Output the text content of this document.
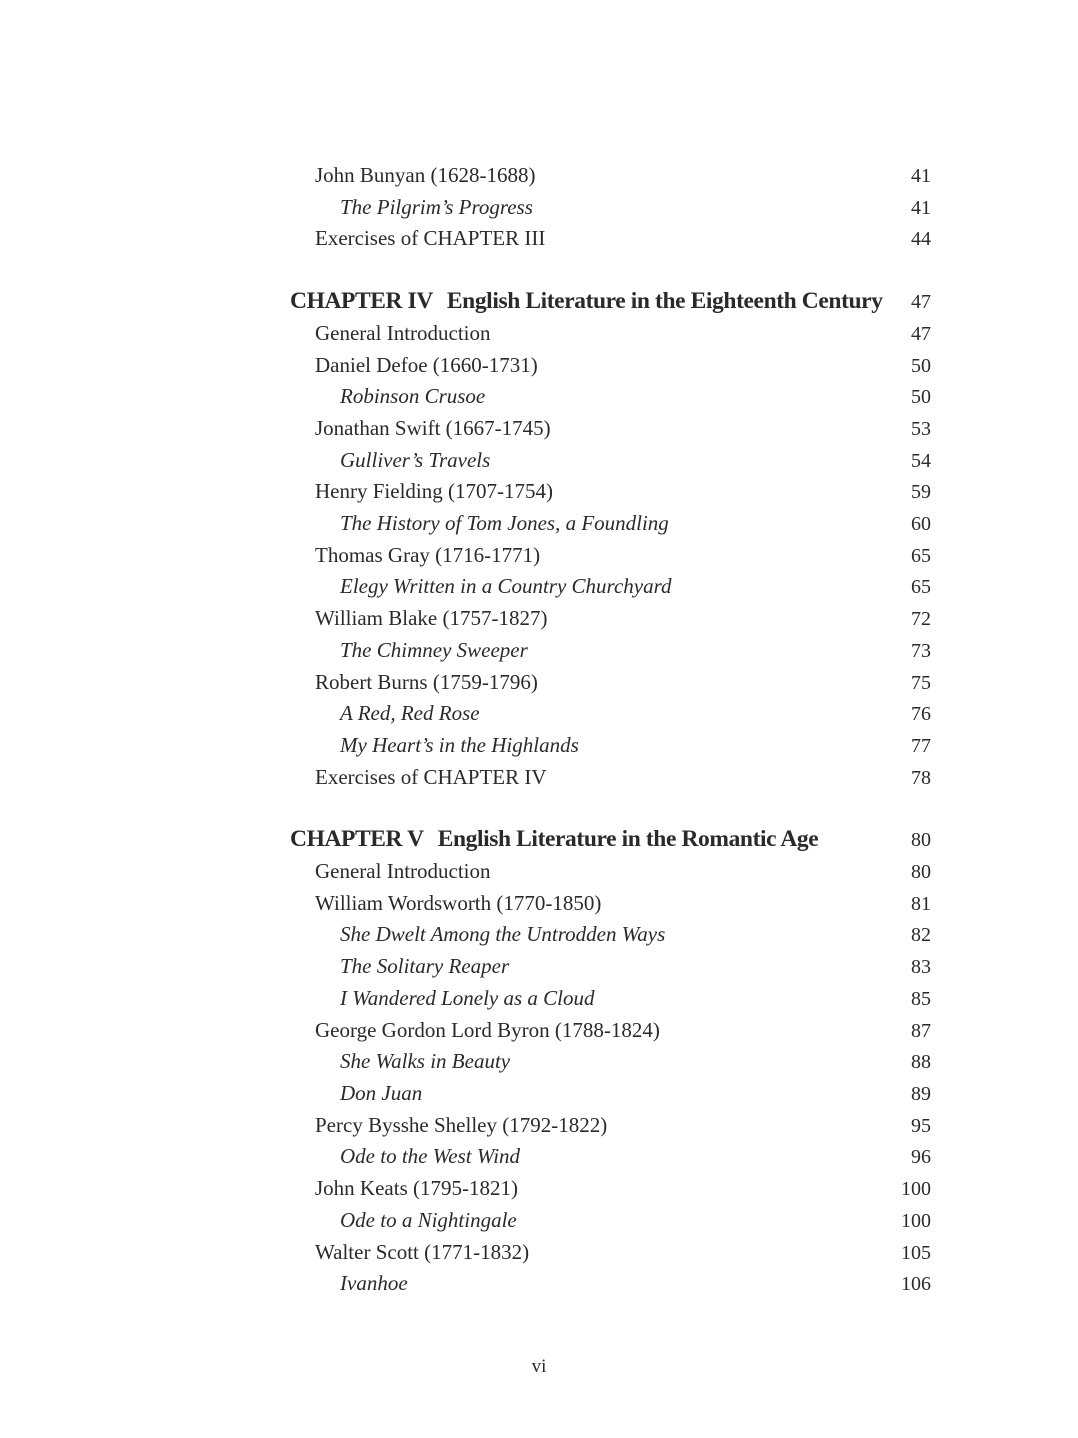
John Bunyan (1628-1688)	41
The Pilgrim’s Progress	41
Exercises of CHAPTER III	44
CHAPTER IV English Literature in the Eighteenth Century	47
General Introduction	47
Daniel Defoe (1660-1731)	50
Robinson Crusoe	50
Jonathan Swift (1667-1745)	53
Gulliver’s Travels	54
Henry Fielding (1707-1754)	59
The History of Tom Jones, a Foundling	60
Thomas Gray (1716-1771)	65
Elegy Written in a Country Churchyard	65
William Blake (1757-1827)	72
The Chimney Sweeper	73
Robert Burns (1759-1796)	75
A Red, Red Rose	76
My Heart’s in the Highlands	77
Exercises of CHAPTER IV	78
CHAPTER V English Literature in the Romantic Age	80
General Introduction	80
William Wordsworth (1770-1850)	81
She Dwelt Among the Untrodden Ways	82
The Solitary Reaper	83
I Wandered Lonely as a Cloud	85
George Gordon Lord Byron (1788-1824)	87
She Walks in Beauty	88
Don Juan	89
Percy Bysshe Shelley (1792-1822)	95
Ode to the West Wind	96
John Keats (1795-1821)	100
Ode to a Nightingale	100
Walter Scott (1771-1832)	105
Ivanhoe	106
vi
